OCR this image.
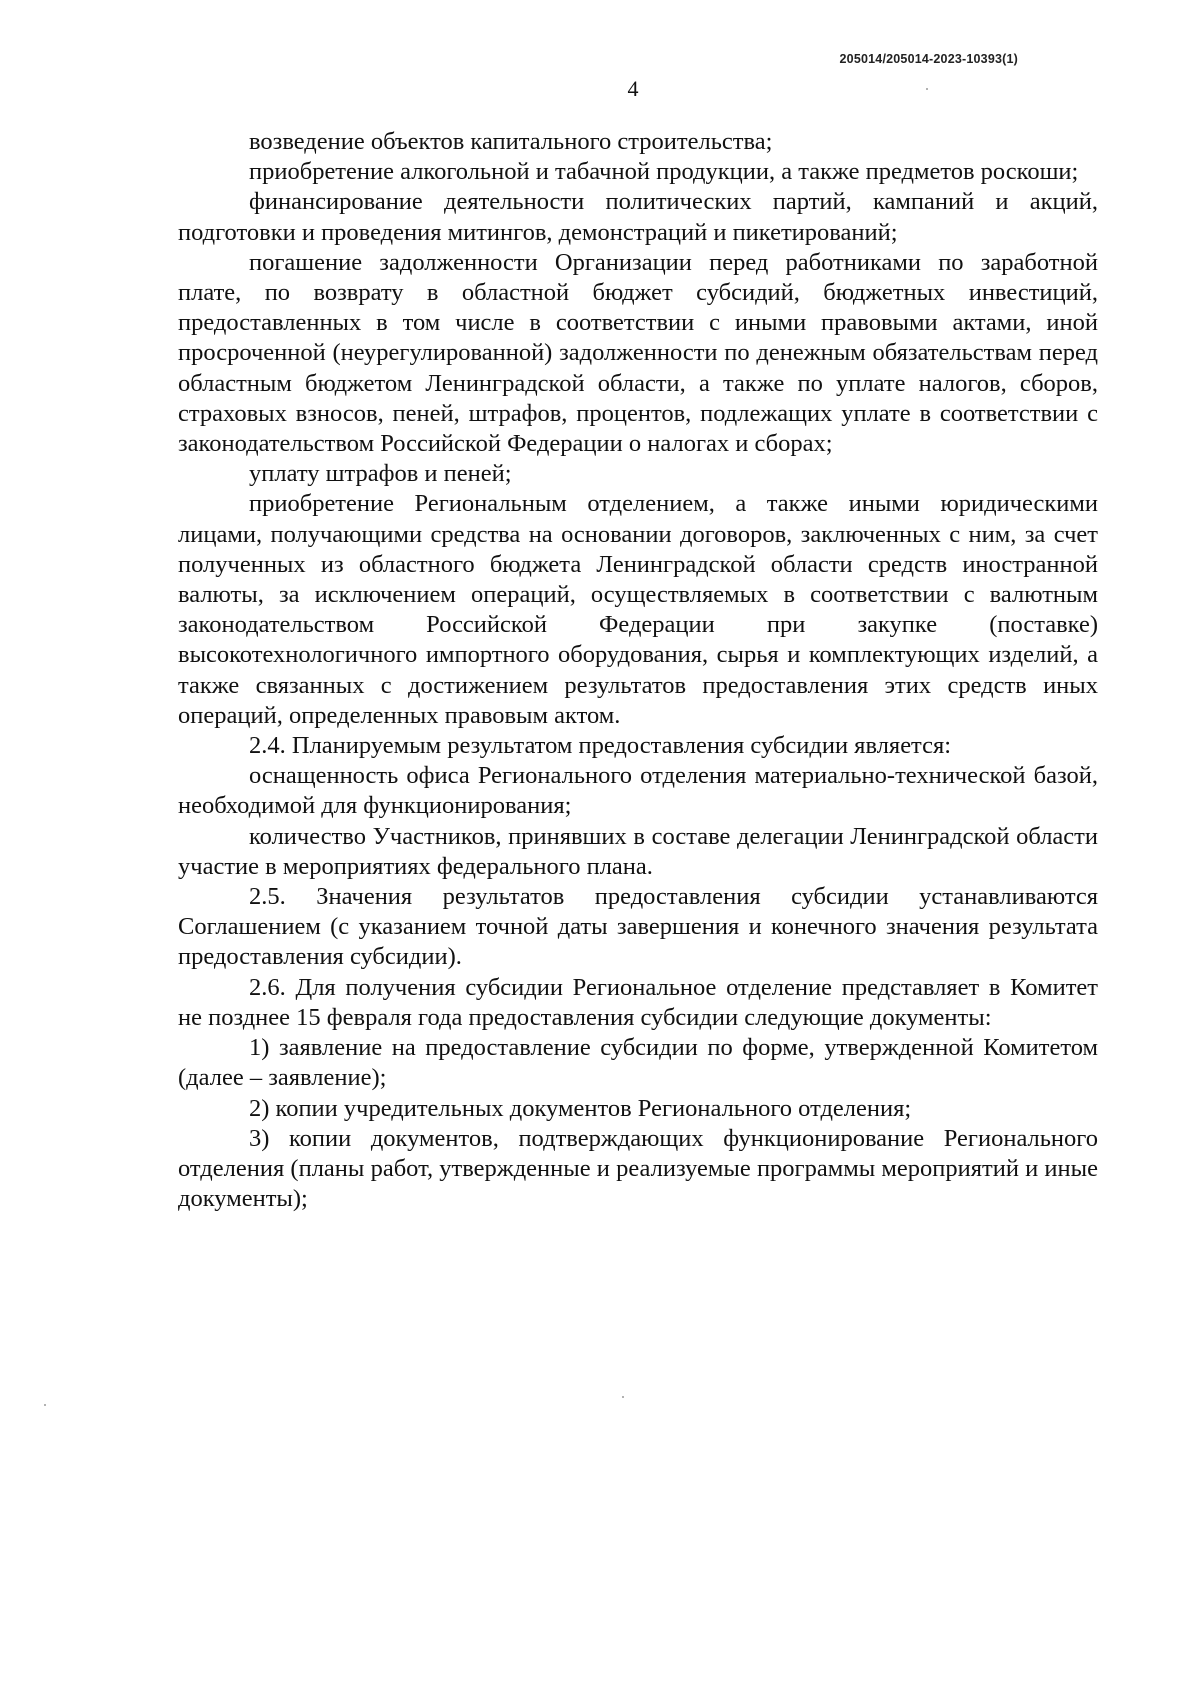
205014/205014-2023-10393(1)
4

возведение объектов капитального строительства;

приобретение алкогольной и табачной продукции, а также предметов роскоши;

финансирование деятельности политических партий, кампаний и акций, подготовки и проведения митингов, демонстраций и пикетирований;

погашение задолженности Организации перед работниками по заработной плате, по возврату в областной бюджет субсидий, бюджетных инвестиций, предоставленных в том числе в соответствии с иными правовыми актами, иной просроченной (неурегулированной) задолженности по денежным обязательствам перед областным бюджетом Ленинградской области, а также по уплате налогов, сборов, страховых взносов, пеней, штрафов, процентов, подлежащих уплате в соответствии с законодательством Российской Федерации о налогах и сборах;

уплату штрафов и пеней;

приобретение Региональным отделением, а также иными юридическими лицами, получающими средства на основании договоров, заключенных с ним, за счет полученных из областного бюджета Ленинградской области средств иностранной валюты, за исключением операций, осуществляемых в соответствии с валютным законодательством Российской Федерации при закупке (поставке) высокотехнологичного импортного оборудования, сырья и комплектующих изделий, а также связанных с достижением результатов предоставления этих средств иных операций, определенных правовым актом.

2.4. Планируемым результатом предоставления субсидии является:

оснащенность офиса Регионального отделения материально-технической базой, необходимой для функционирования;

количество Участников, принявших в составе делегации Ленинградской области участие в мероприятиях федерального плана.

2.5. Значения результатов предоставления субсидии устанавливаются Соглашением (с указанием точной даты завершения и конечного значения результата предоставления субсидии).

2.6. Для получения субсидии Региональное отделение представляет в Комитет не позднее 15 февраля года предоставления субсидии следующие документы:

1) заявление на предоставление субсидии по форме, утвержденной Комитетом (далее – заявление);

2) копии учредительных документов Регионального отделения;

3) копии документов, подтверждающих функционирование Регионального отделения (планы работ, утвержденные и реализуемые программы мероприятий и иные документы);
